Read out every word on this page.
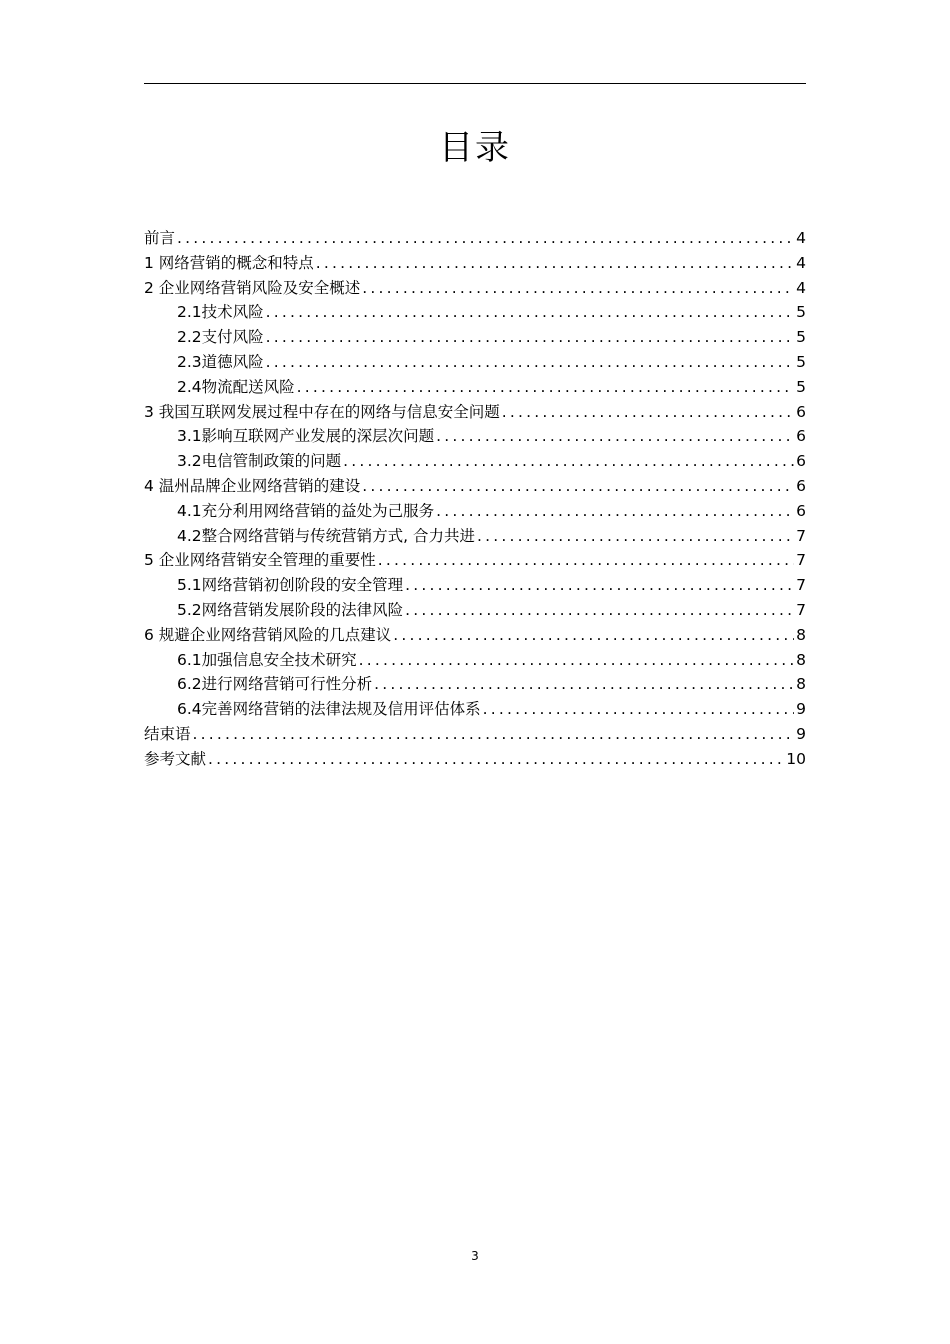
目录
前言 .....	4
1 网络营销的概念和特点 .....	4
2 企业网络营销风险及安全概述 .....	4
2.1技术风险 .....	5
2.2支付风险 .....	5
2.3道德风险 .....	5
2.4物流配送风险 .....	5
3 我国互联网发展过程中存在的网络与信息安全问题 .....	6
3.1影响互联网产业发展的深层次问题 .....	6
3.2电信管制政策的问题 .....	6
4 温州品牌企业网络营销的建设 .....	6
4.1充分利用网络营销的益处为己服务 .....	6
4.2整合网络营销与传统营销方式, 合力共进 .....	7
5 企业网络营销安全管理的重要性 .....	7
5.1网络营销初创阶段的安全管理 .....	7
5.2网络营销发展阶段的法律风险 .....	7
6 规避企业网络营销风险的几点建议 .....	8
6.1加强信息安全技术研究 .....	8
6.2进行网络营销可行性分析 .....	8
6.4完善网络营销的法律法规及信用评估体系 .....	9
结束语 .....	9
参考文献 .....	10
3
